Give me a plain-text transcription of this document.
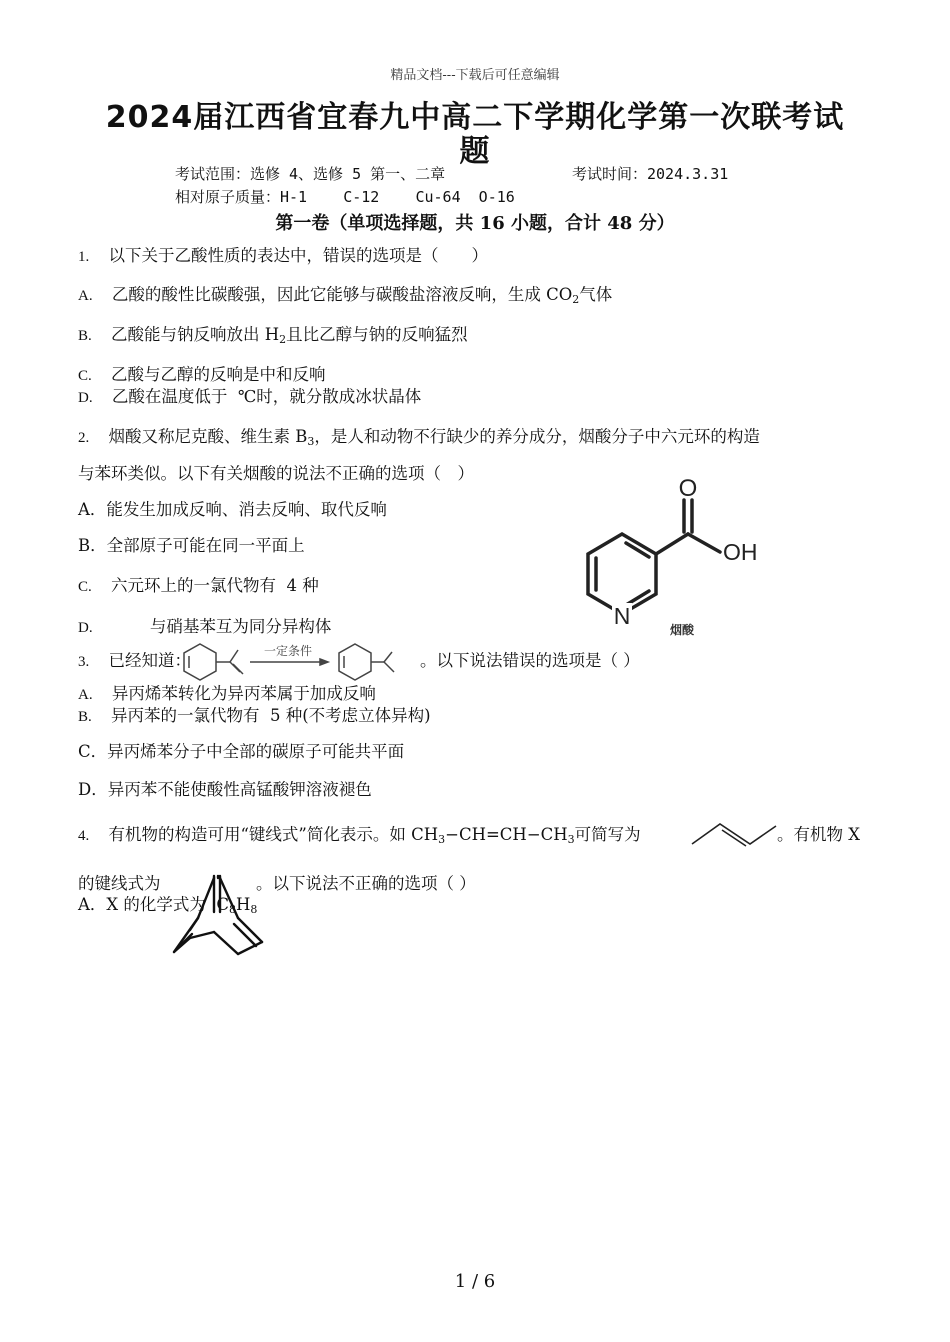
精品文档---下载后可任意编辑
2024届江西省宜春九中高二下学期化学第一次联考试
题
考试范围：选修 4、选修 5 第一、二章	考试时间：2024.3.31
相对原子质量：H-1    C-12    Cu-64  O-16
第一卷（单项选择题，共 16 小题，合计 48 分）
1. 以下关于乙酸性质的表达中，错误的选项是（　　）
A. 乙酸的酸性比碳酸强，因此它能够与碳酸盐溶液反响，生成 $CO_2$气体
B. 乙酸能与钠反响放出 $H_2$且比乙醇与钠的反响猛烈
C. 乙酸与乙醇的反响是中和反响
D. 乙酸在温度低于  ℃时，就分散成冰状晶体
2. 烟酸又称尼克酸、维生素 $B_3$，是人和动物不行缺少的养分成分，烟酸分子中六元环的构造
与苯环类似。以下有关烟酸的说法不正确的选项（　）
A．能发生加成反响、消去反响、取代反响
B．全部原子可能在同一平面上
C. 六元环上的一氯代物有  4 种
D.	与硝基苯互为同分异构体
O
OH
N
烟酸
3. 已经知道：	一定条件	。以下说法错误的选项是（ ）
A. 异丙烯苯转化为异丙苯属于加成反响
B. 异丙苯的一氯代物有  5 种(不考虑立体异构)
C．异丙烯苯分子中全部的碳原子可能共平面
D．异丙苯不能使酸性高锰酸钾溶液褪色
4. 有机物的构造可用“键线式”简化表示。如 $CH_3-CH=CH-CH_3$可简写为	。有机物 X
的键线式为	。以下说法不正确的选项（ ）
A．X 的化学式为  $C_8H_8$
1 / 6
